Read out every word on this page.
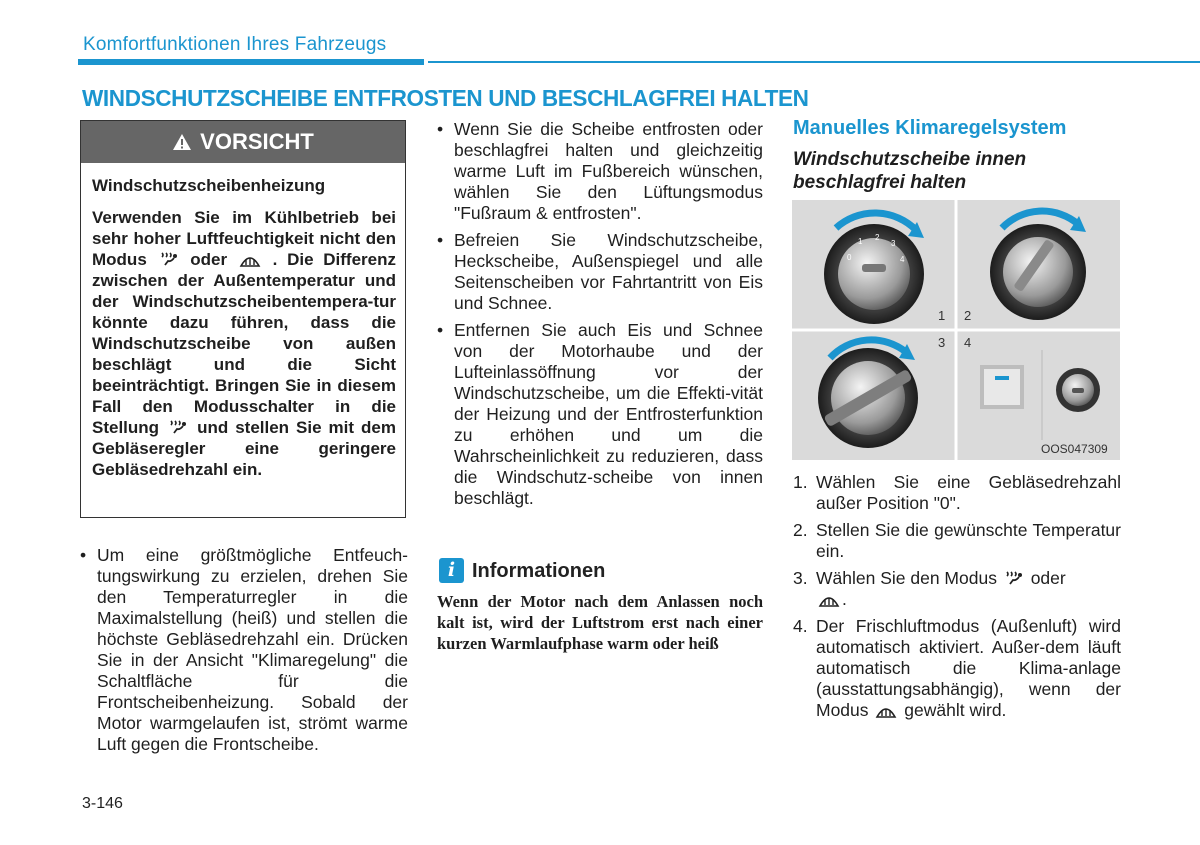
Komfortfunktionen Ihres Fahrzeugs
WINDSCHUTZSCHEIBE ENTFROSTEN UND BESCHLAGFREI HALTEN
VORSICHT
Windschutzscheibenheizung
Verwenden Sie im Kühlbetrieb bei sehr hoher Luftfeuchtigkeit nicht den Modus	oder	. Die Differenz zwischen der Außentemperatur und der Windschutzscheibentempera-tur könnte dazu führen, dass die Windschutzscheibe von außen beschlägt und die Sicht beeinträchtigt. Bringen Sie in diesem Fall den Modusschalter in die Stellung und stellen Sie mit dem Gebläseregler eine geringere Gebläsedrehzahl ein.
• Um eine größtmögliche Entfeuch-tungswirkung zu erzielen, drehen Sie den Temperaturregler in die Maximalstellung (heiß) und stellen die höchste Gebläsedrehzahl ein. Drücken Sie in der Ansicht "Klimaregelung" die Schaltfläche für die Frontscheibenheizung. Sobald der Motor warmgelaufen ist, strömt warme Luft gegen die Frontscheibe.
• Wenn Sie die Scheibe entfrosten oder beschlagfrei halten und gleichzeitig warme Luft im Fußbereich wünschen, wählen Sie den Lüftungsmodus "Fußraum & entfrosten".
• Befreien Sie Windschutzscheibe, Heckscheibe, Außenspiegel und alle Seitenscheiben vor Fahrtantritt von Eis und Schnee.
• Entfernen Sie auch Eis und Schnee von der Motorhaube und der Lufteinlassöffnung vor der Windschutzscheibe, um die Effekti-vität der Heizung und der Entfrosterfunktion zu erhöhen und um die Wahrscheinlichkeit zu reduzieren, dass die Windschutz-scheibe von innen beschlägt.
i Informationen
Wenn der Motor nach dem Anlassen noch kalt ist, wird der Luftstrom erst nach einer kurzen Warmlaufphase warm oder heiß
Manuelles Klimaregelsystem
Windschutzscheibe innen beschlagfrei halten
0
1 2
3
4
1 2
3 4
OOS047309
1. Wählen Sie eine Gebläsedrehzahl außer Position "0".
2. Stellen Sie die gewünschte Temperatur ein.
3. Wählen Sie den Modus oder
.
4. Der Frischluftmodus (Außenluft) wird automatisch aktiviert. Außer-dem läuft automatisch die Klima-anlage (ausstattungsabhängig), wenn der Modus gewählt wird.
3-146
